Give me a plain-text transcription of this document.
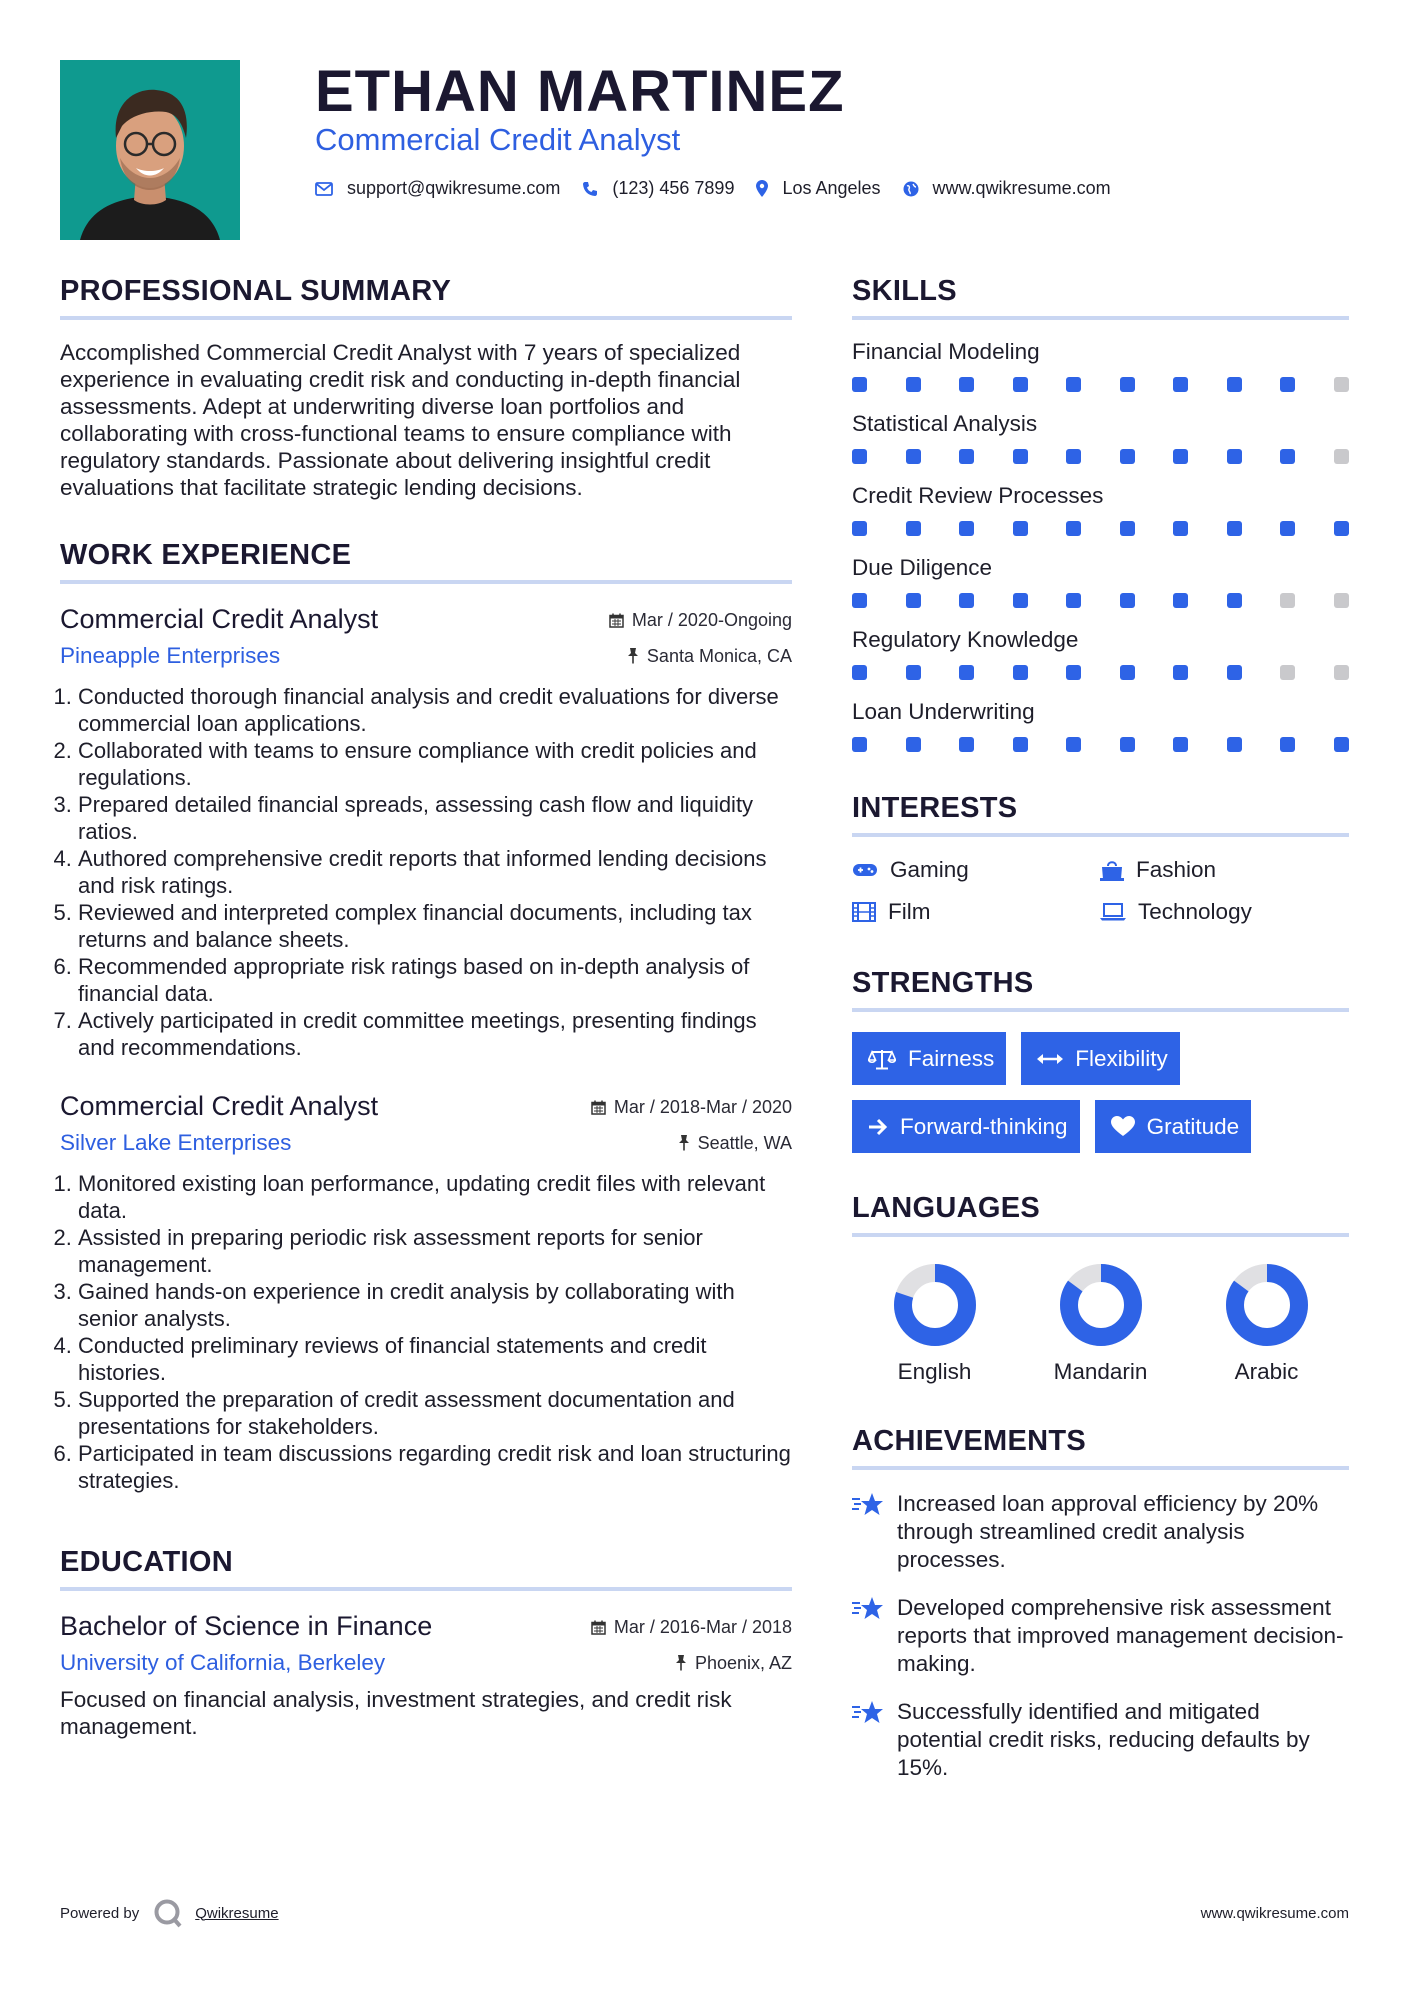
ETHAN MARTINEZ
Commercial Credit Analyst
support@qwikresume.com	(123) 456 7899	Los Angeles	www.qwikresume.com
PROFESSIONAL SUMMARY
Accomplished Commercial Credit Analyst with 7 years of specialized experience in evaluating credit risk and conducting in-depth financial assessments. Adept at underwriting diverse loan portfolios and collaborating with cross-functional teams to ensure compliance with regulatory standards. Passionate about delivering insightful credit evaluations that facilitate strategic lending decisions.
WORK EXPERIENCE
Commercial Credit Analyst	Mar / 2020-Ongoing
Pineapple Enterprises	Santa Monica, CA
1. Conducted thorough financial analysis and credit evaluations for diverse commercial loan applications.
2. Collaborated with teams to ensure compliance with credit policies and regulations.
3. Prepared detailed financial spreads, assessing cash flow and liquidity ratios.
4. Authored comprehensive credit reports that informed lending decisions and risk ratings.
5. Reviewed and interpreted complex financial documents, including tax returns and balance sheets.
6. Recommended appropriate risk ratings based on in-depth analysis of financial data.
7. Actively participated in credit committee meetings, presenting findings and recommendations.
Commercial Credit Analyst	Mar / 2018-Mar / 2020
Silver Lake Enterprises	Seattle, WA
1. Monitored existing loan performance, updating credit files with relevant data.
2. Assisted in preparing periodic risk assessment reports for senior management.
3. Gained hands-on experience in credit analysis by collaborating with senior analysts.
4. Conducted preliminary reviews of financial statements and credit histories.
5. Supported the preparation of credit assessment documentation and presentations for stakeholders.
6. Participated in team discussions regarding credit risk and loan structuring strategies.
EDUCATION
Bachelor of Science in Finance	Mar / 2016-Mar / 2018
University of California, Berkeley	Phoenix, AZ
Focused on financial analysis, investment strategies, and credit risk management.
SKILLS
Financial Modeling
Statistical Analysis
Credit Review Processes
Due Diligence
Regulatory Knowledge
Loan Underwriting
INTERESTS
Gaming	Fashion
Film	Technology
STRENGTHS
Fairness	Flexibility
Forward-thinking	Gratitude
LANGUAGES
English	Mandarin	Arabic
ACHIEVEMENTS
Increased loan approval efficiency by 20% through streamlined credit analysis processes.
Developed comprehensive risk assessment reports that improved management decision-making.
Successfully identified and mitigated potential credit risks, reducing defaults by 15%.
Powered by	Qwikresume	www.qwikresume.com
